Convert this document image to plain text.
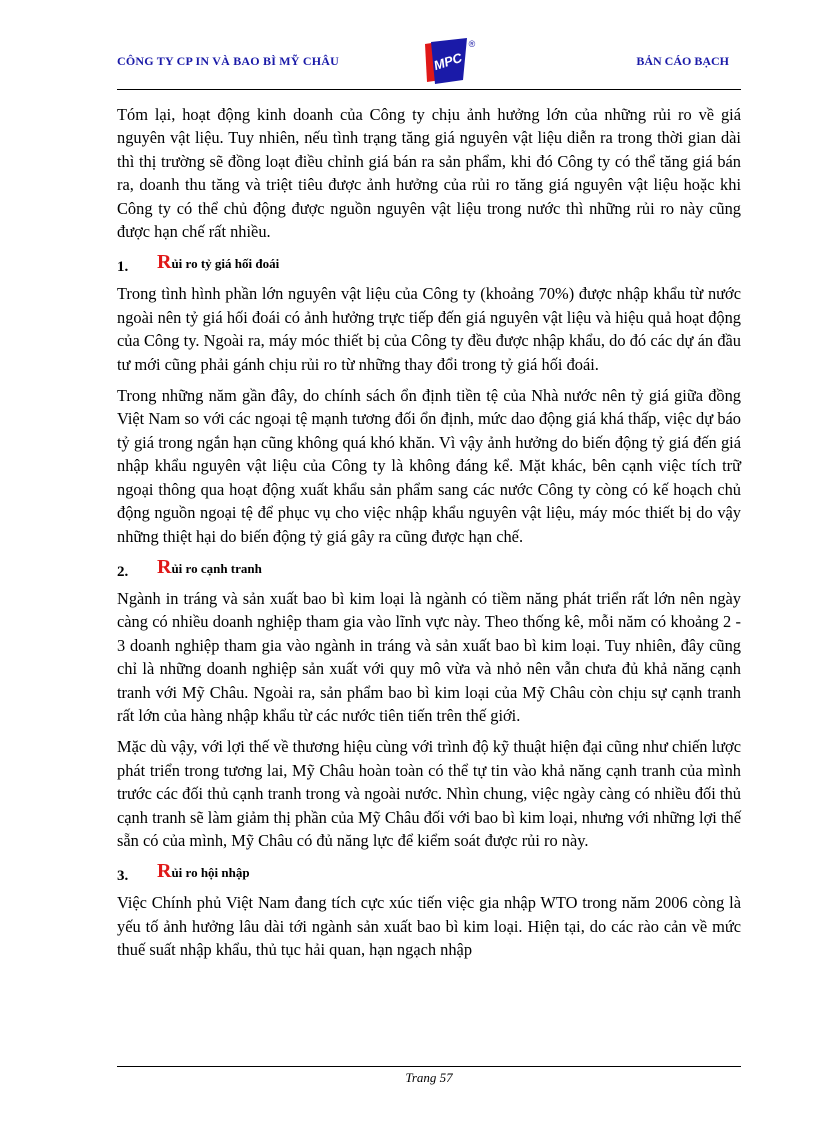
CÔNG TY CP IN VÀ BAO BÌ MỸ CHÂU	MPC
®
BẢN CÁO BẠCH

Tóm lại, hoạt động kinh doanh của Công ty chịu ảnh hưởng lớn của những rủi ro về giá nguyên vật liệu. Tuy nhiên, nếu tình trạng tăng giá nguyên vật liệu diễn ra trong thời gian dài thì thị trường sẽ đồng loạt điều chỉnh giá bán ra sản phẩm, khi đó Công ty có thể tăng giá bán ra, doanh thu tăng và triệt tiêu được ảnh hưởng của rủi ro tăng giá nguyên vật liệu hoặc khi Công ty có thể chủ động được nguồn nguyên vật liệu trong nước thì những rủi ro này cũng được hạn chế rất nhiều.

1. Rủi ro tỷ giá hối đoái

Trong tình hình phần lớn nguyên vật liệu của Công ty (khoảng 70%) được nhập khẩu từ nước ngoài nên tỷ giá hối đoái có ảnh hưởng trực tiếp đến giá nguyên vật liệu và hiệu quả hoạt động của Công ty. Ngoài ra, máy móc thiết bị của Công ty đều được nhập khẩu, do đó các dự án đầu tư mới cũng phải gánh chịu rủi ro từ những thay đổi trong tỷ giá hối đoái.

Trong những năm gần đây, do chính sách ổn định tiền tệ của Nhà nước nên tỷ giá giữa đồng Việt Nam so với các ngoại tệ mạnh tương đối ổn định, mức dao động giá khá thấp, việc dự báo tỷ giá trong ngắn hạn cũng không quá khó khăn. Vì vậy ảnh hưởng do biến động tỷ giá đến giá nhập khẩu nguyên vật liệu của Công ty là không đáng kể. Mặt khác, bên cạnh việc tích trữ ngoại thông qua hoạt động xuất khẩu sản phẩm sang các nước Công ty còng có kế hoạch chủ động nguồn ngoại tệ để phục vụ cho việc nhập khẩu nguyên vật liệu, máy móc thiết bị do vậy những thiệt hại do biến động tỷ giá gây ra cũng được hạn chế.

2. Rủi ro cạnh tranh

Ngành in tráng và sản xuất bao bì kim loại là ngành có tiềm năng phát triển rất lớn nên ngày càng có nhiều doanh nghiệp tham gia vào lĩnh vực này. Theo thống kê, mỗi năm có khoảng 2 - 3 doanh nghiệp tham gia vào ngành in tráng và sản xuất bao bì kim loại. Tuy nhiên, đây cũng chỉ là những doanh nghiệp sản xuất với quy mô vừa và nhỏ nên vẫn chưa đủ khả năng cạnh tranh với Mỹ Châu. Ngoài ra, sản phẩm bao bì kim loại của Mỹ Châu còn chịu sự cạnh tranh rất lớn của hàng nhập khẩu từ các nước tiên tiến trên thế giới.

Mặc dù vậy, với lợi thế về thương hiệu cùng với trình độ kỹ thuật hiện đại cũng như chiến lược phát triển trong tương lai, Mỹ Châu hoàn toàn có thể tự tin vào khả năng cạnh tranh của mình trước các đối thủ cạnh tranh trong và ngoài nước. Nhìn chung, việc ngày càng có nhiều đối thủ cạnh tranh sẽ làm giảm thị phần của Mỹ Châu đối với bao bì kim loại, nhưng với những lợi thế sẵn có của mình, Mỹ Châu có đủ năng lực để kiểm soát được rủi ro này.

3. Rủi ro hội nhập

Việc Chính phủ Việt Nam đang tích cực xúc tiến việc gia nhập WTO trong năm 2006 còng là yếu tố ảnh hưởng lâu dài tới ngành sản xuất bao bì kim loại. Hiện tại, do các rào cản về mức thuế suất nhập khẩu, thủ tục hải quan, hạn ngạch nhập

Trang 57
